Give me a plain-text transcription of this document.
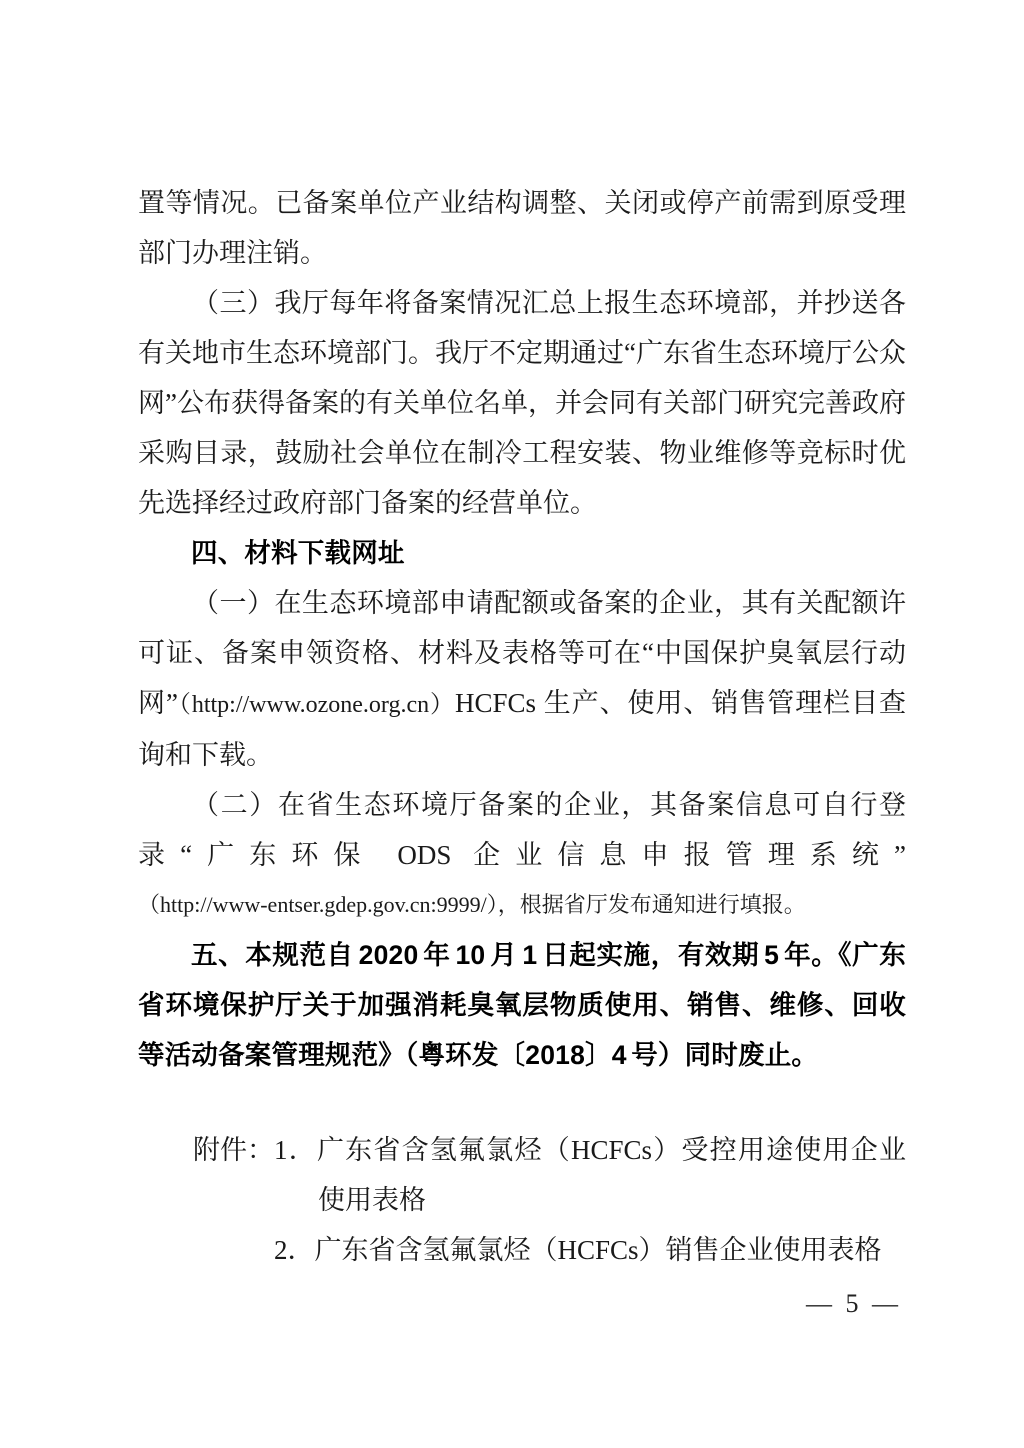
置等情况。已备案单位产业结构调整、关闭或停产前需到原受理部门办理注销。

（三）我厅每年将备案情况汇总上报生态环境部，并抄送各有关地市生态环境部门。我厅不定期通过“广东省生态环境厅公众网”公布获得备案的有关单位名单，并会同有关部门研究完善政府采购目录，鼓励社会单位在制冷工程安装、物业维修等竞标时优先选择经过政府部门备案的经营单位。

四、材料下载网址

（一）在生态环境部申请配额或备案的企业，其有关配额许可证、备案申领资格、材料及表格等可在“中国保护臭氧层行动网”（http://www.ozone.org.cn）HCFCs 生产、使用、销售管理栏目查询和下载。

（二）在省生态环境厅备案的企业，其备案信息可自行登录“广东环保 ODS 企业信息申报管理系统”

（http://www-entser.gdep.gov.cn:9999/），根据省厅发布通知进行填报。

五、本规范自 2020 年 10 月 1 日起实施，有效期 5 年。《广东省环境保护厅关于加强消耗臭氧层物质使用、销售、维修、回收等活动备案管理规范》（粤环发〔2018〕4 号）同时废止。

附件： 1．广东省含氢氟氯烃（HCFCs）受控用途使用企业使用表格
2．广东省含氢氟氯烃（HCFCs）销售企业使用表格
— 5 —
